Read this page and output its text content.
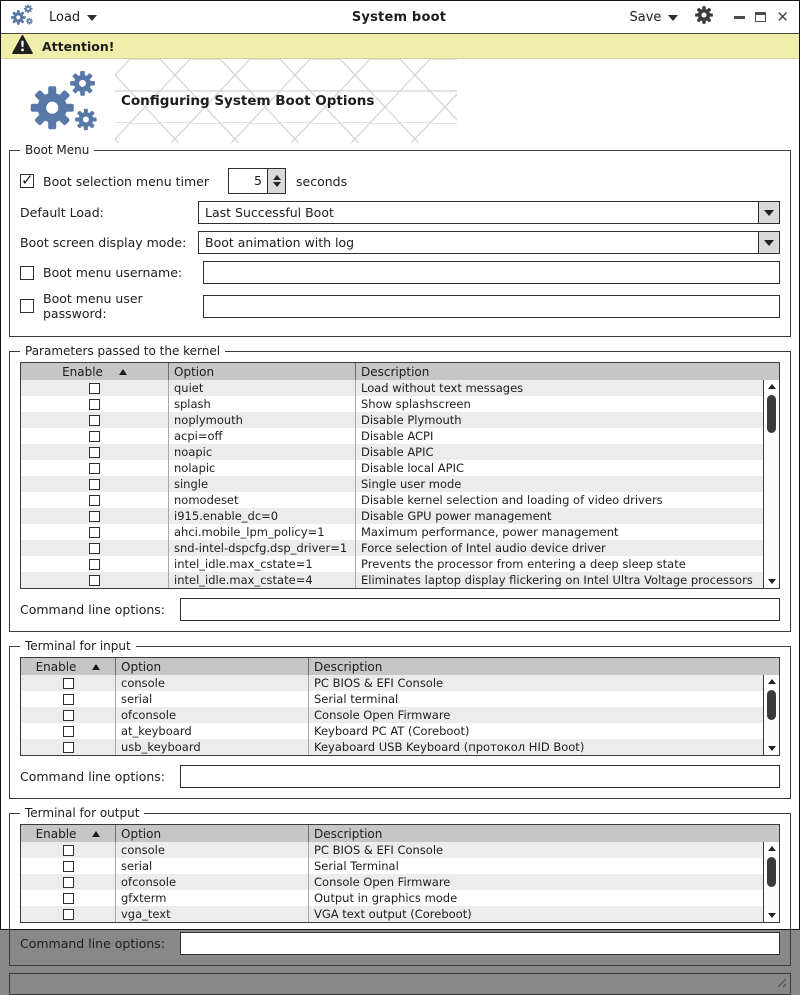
Load	System boot	Save	✕
Attention!
Configuring System Boot Options
Boot Menu
✓
Boot selection menu timer	5	seconds
Default Load:	Last Successful Boot
Boot screen display mode:	Boot animation with log
Boot menu username:
Boot menu user password:
Parameters passed to the kernel
Enable	Option	Description
quiet	Load without text messages
splash	Show splashscreen
noplymouth	Disable Plymouth
acpi=off	Disable ACPI
noapic	Disable APIC
nolapic	Disable local APIC
single	Single user mode
nomodeset	Disable kernel selection and loading of video drivers
i915.enable_dc=0	Disable GPU power management
ahci.mobile_lpm_policy=1	Maximum performance, power management
snd-intel-dspcfg.dsp_driver=1	Force selection of Intel audio device driver
intel_idle.max_cstate=1	Prevents the processor from entering a deep sleep state
intel_idle.max_cstate=4	Eliminates laptop display flickering on Intel Ultra Voltage processors
Command line options:
Terminal for input
Enable	Option	Description
console	PC BIOS & EFI Console
serial	Serial terminal
ofconsole	Console Open Firmware
at_keyboard	Keyboard PC AT (Coreboot)
usb_keyboard	Keyaboard USB Keyboard (протокол HID Boot)
Command line options:
Terminal for output
Enable	Option	Description
console	PC BIOS & EFI Console
serial	Serial Terminal
ofconsole	Console Open Firmware
gfxterm	Output in graphics mode
vga_text	VGA text output (Coreboot)
Command line options:
